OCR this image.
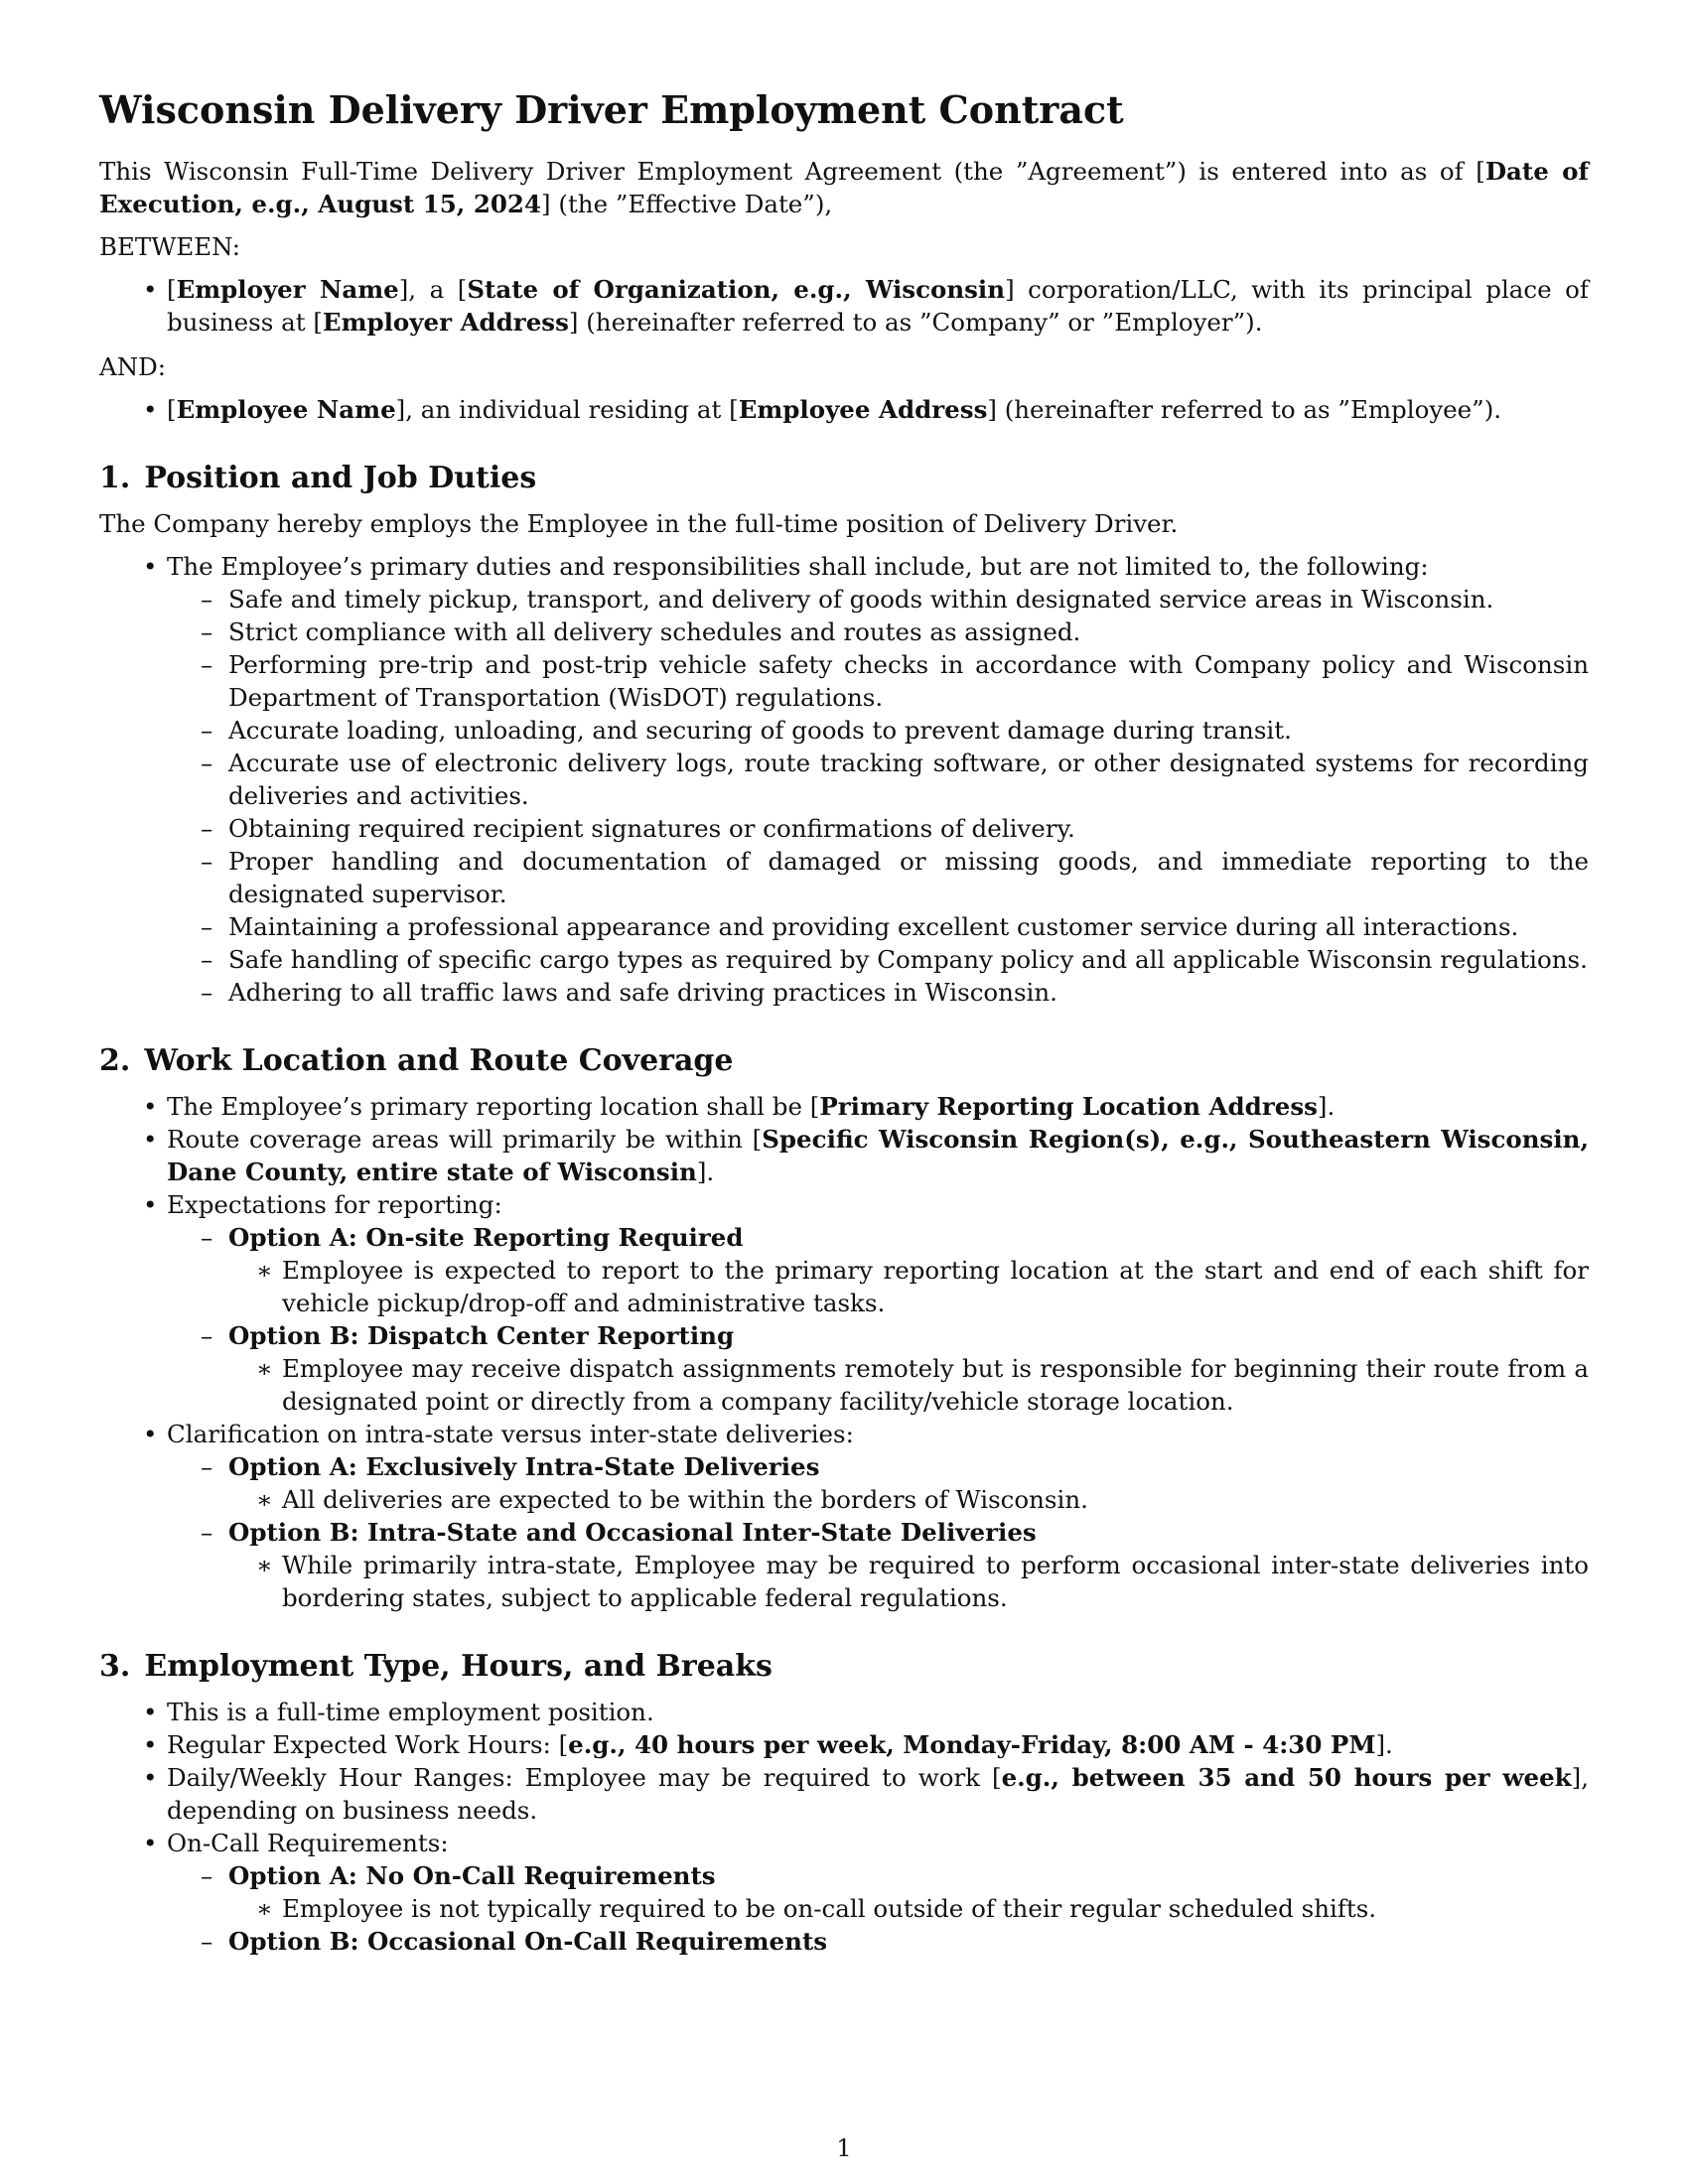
Wisconsin Delivery Driver Employment Contract

This Wisconsin Full-Time Delivery Driver Employment Agreement (the ”Agreement”) is entered into as of [Date of Execution, e.g., August 15, 2024] (the ”Effective Date”),

BETWEEN:

• [Employer Name], a [State of Organization, e.g., Wisconsin] corporation/LLC, with its principal place of business at [Employer Address] (hereinafter referred to as ”Company” or ”Employer”).

AND:

• [Employee Name], an individual residing at [Employee Address] (hereinafter referred to as ”Employee”).
1. Position and Job Duties

The Company hereby employs the Employee in the full-time position of Delivery Driver.

• The Employee’s primary duties and responsibilities shall include, but are not limited to, the following:
– Safe and timely pickup, transport, and delivery of goods within designated service areas in Wisconsin.
– Strict compliance with all delivery schedules and routes as assigned.
– Performing pre-trip and post-trip vehicle safety checks in accordance with Company policy and Wisconsin Department of Transportation (WisDOT) regulations.
– Accurate loading, unloading, and securing of goods to prevent damage during transit.
– Accurate use of electronic delivery logs, route tracking software, or other designated systems for recording deliveries and activities.
– Obtaining required recipient signatures or confirmations of delivery.
– Proper handling and documentation of damaged or missing goods, and immediate reporting to the designated supervisor.
– Maintaining a professional appearance and providing excellent customer service during all interactions.
– Safe handling of specific cargo types as required by Company policy and all applicable Wisconsin regulations.
– Adhering to all traffic laws and safe driving practices in Wisconsin.
2. Work Location and Route Coverage
• The Employee’s primary reporting location shall be [Primary Reporting Location Address].
• Route coverage areas will primarily be within [Specific Wisconsin Region(s), e.g., Southeastern Wisconsin, Dane County, entire state of Wisconsin].
• Expectations for reporting:
– Option A: On-site Reporting Required
∗ Employee is expected to report to the primary reporting location at the start and end of each shift for vehicle pickup/drop-off and administrative tasks.
– Option B: Dispatch Center Reporting
∗ Employee may receive dispatch assignments remotely but is responsible for beginning their route from a designated point or directly from a company facility/vehicle storage location.
• Clarification on intra-state versus inter-state deliveries:
– Option A: Exclusively Intra-State Deliveries
∗ All deliveries are expected to be within the borders of Wisconsin.
– Option B: Intra-State and Occasional Inter-State Deliveries
∗ While primarily intra-state, Employee may be required to perform occasional inter-state deliveries into bordering states, subject to applicable federal regulations.
3. Employment Type, Hours, and Breaks
• This is a full-time employment position.
• Regular Expected Work Hours: [e.g., 40 hours per week, Monday-Friday, 8:00 AM - 4:30 PM].
• Daily/Weekly Hour Ranges: Employee may be required to work [e.g., between 35 and 50 hours per week], depending on business needs.
• On-Call Requirements:
– Option A: No On-Call Requirements
∗ Employee is not typically required to be on-call outside of their regular scheduled shifts.
– Option B: Occasional On-Call Requirements
1
